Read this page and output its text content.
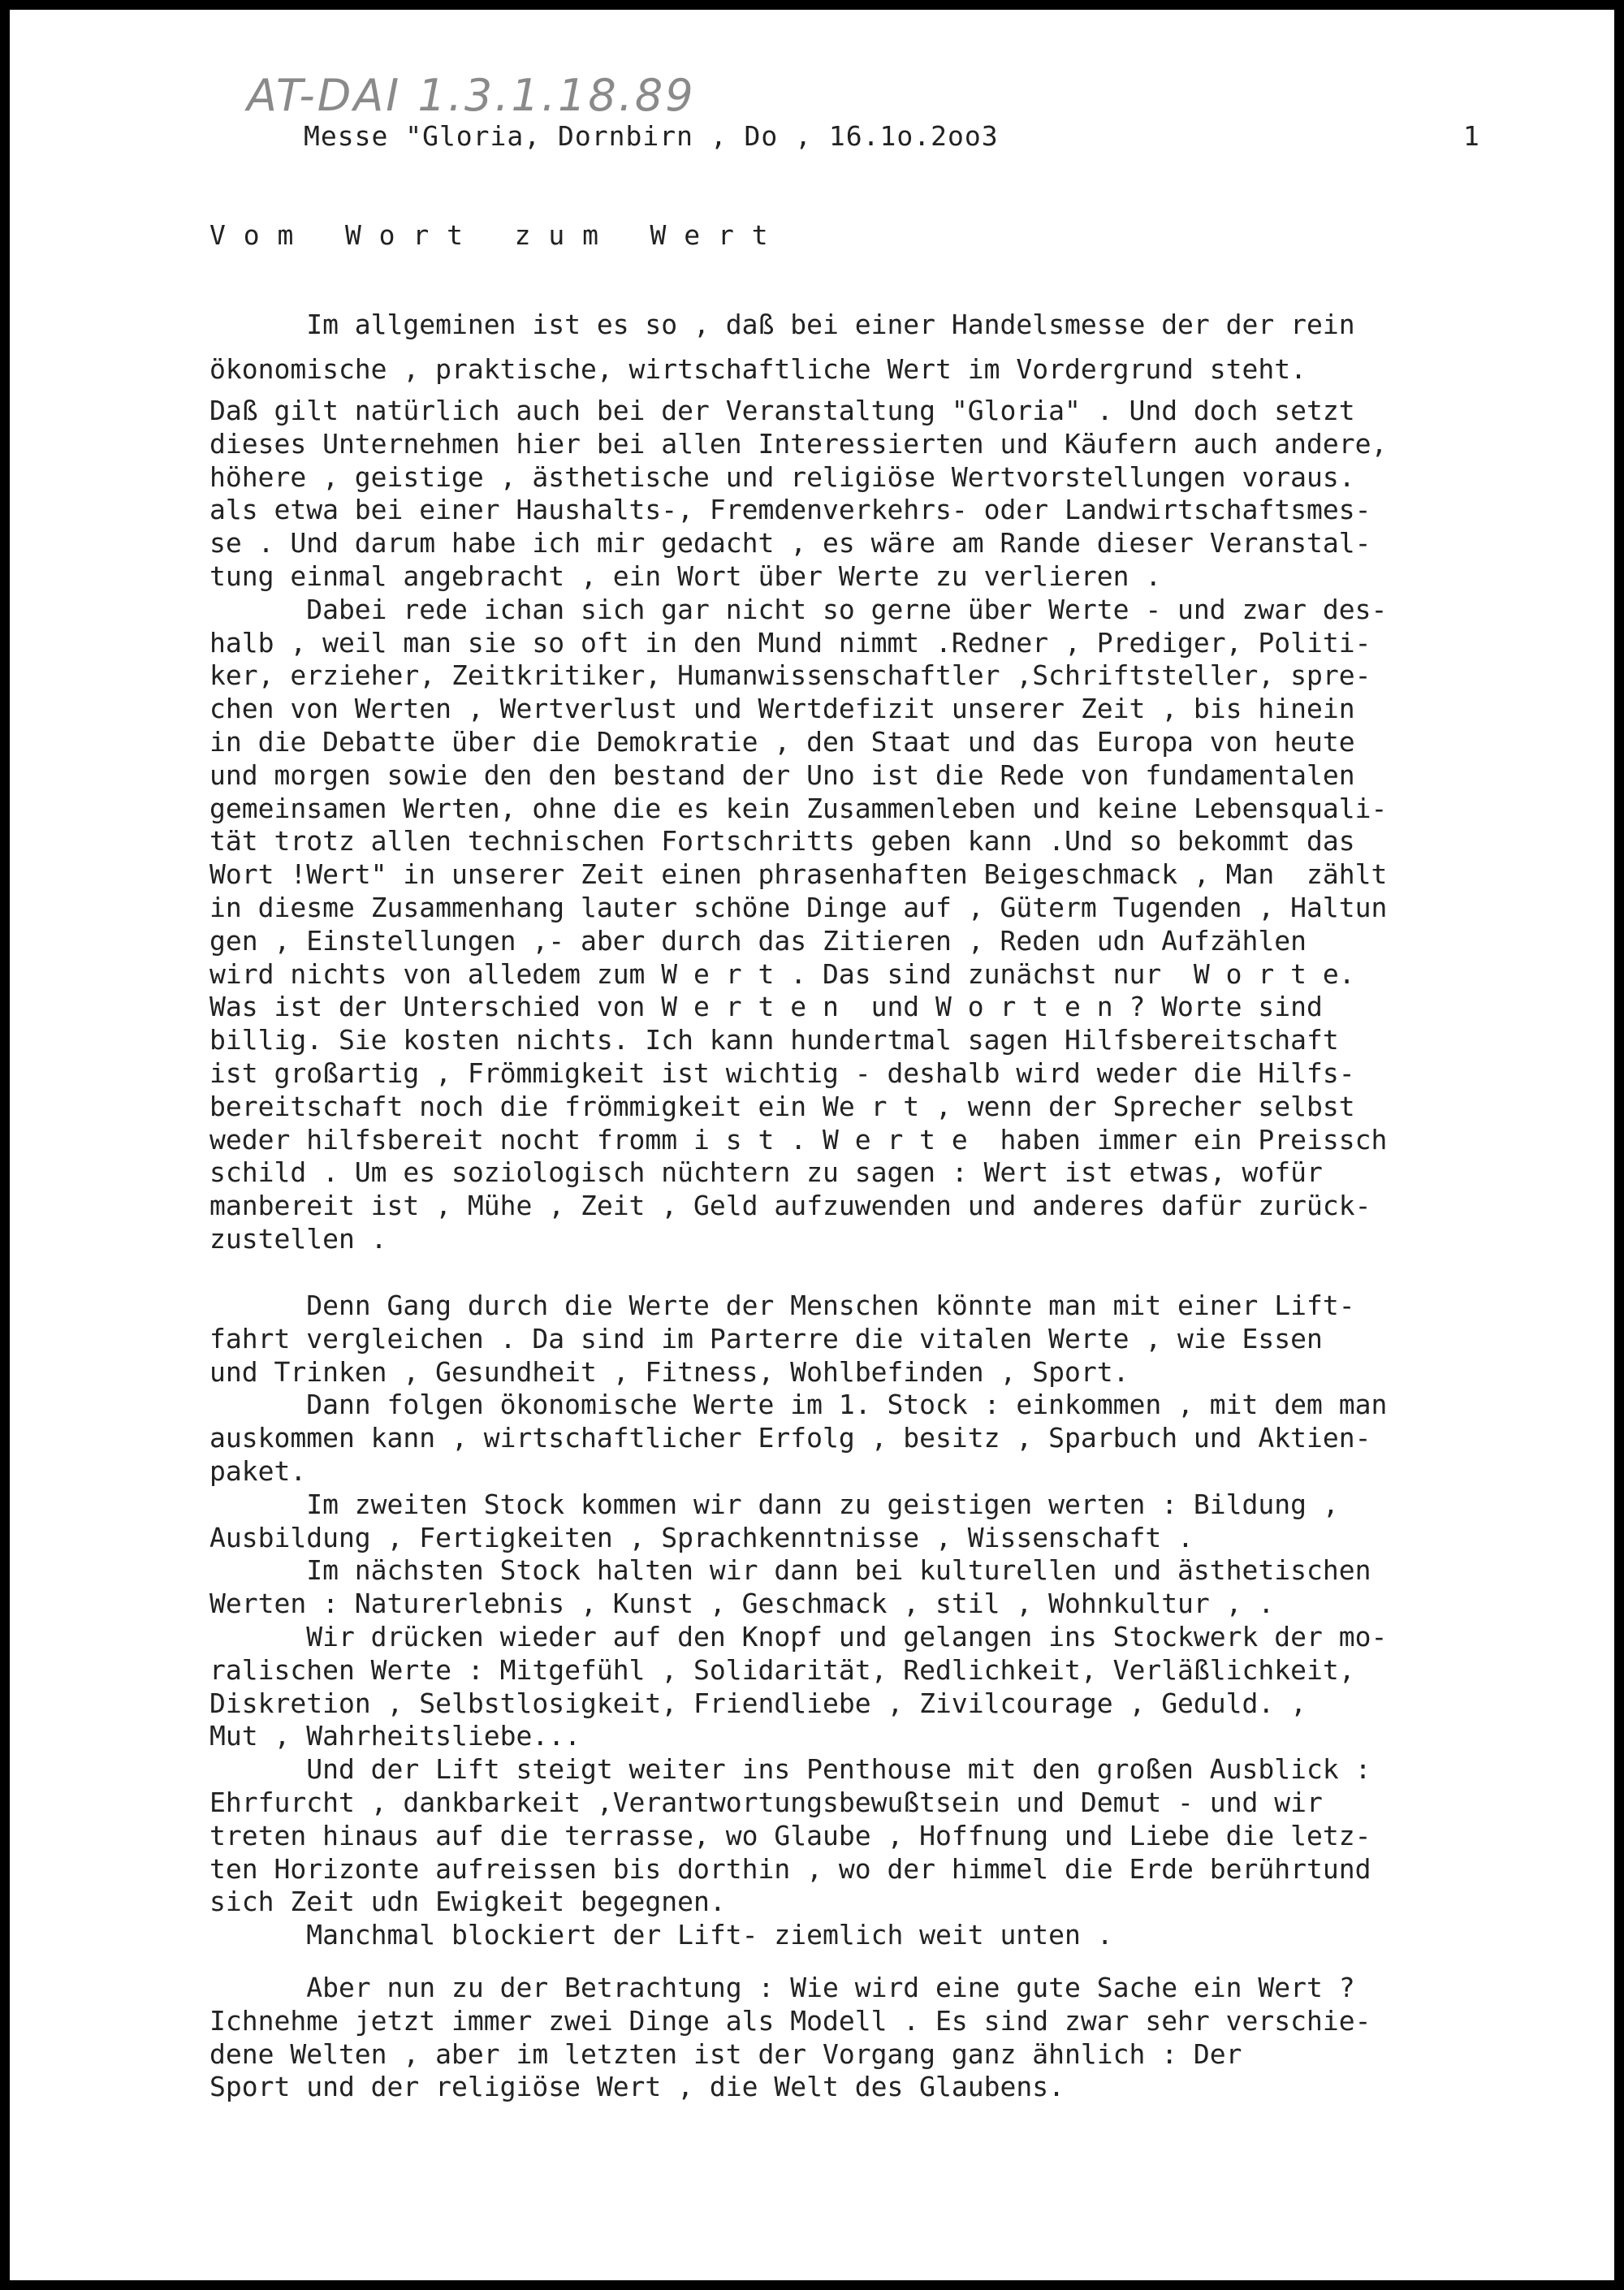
AT-DAI 1.3.1.18.89
Messe "Gloria, Dornbirn , Do , 16.1o.2oo3	1
V o m   W o r t   z u m   W e r t
Im allgeminen ist es so , daß bei einer Handelsmesse der der rein
ökonomische , praktische, wirtschaftliche Wert im Vordergrund steht.
Daß gilt natürlich auch bei der Veranstaltung "Gloria" . Und doch setzt
dieses Unternehmen hier bei allen Interessierten und Käufern auch andere,
höhere , geistige , ästhetische und religiöse Wertvorstellungen voraus.
als etwa bei einer Haushalts-, Fremdenverkehrs- oder Landwirtschaftsmes-
se . Und darum habe ich mir gedacht , es wäre am Rande dieser Veranstal-
tung einmal angebracht , ein Wort über Werte zu verlieren .
Dabei rede ichan sich gar nicht so gerne über Werte - und zwar des-
halb , weil man sie so oft in den Mund nimmt .Redner , Prediger, Politi-
ker, erzieher, Zeitkritiker, Humanwissenschaftler ,Schriftsteller, spre-
chen von Werten , Wertverlust und Wertdefizit unserer Zeit , bis hinein
in die Debatte über die Demokratie , den Staat und das Europa von heute
und morgen sowie den den bestand der Uno ist die Rede von fundamentalen
gemeinsamen Werten, ohne die es kein Zusammenleben und keine Lebensquali-
tät trotz allen technischen Fortschritts geben kann .Und so bekommt das
Wort !Wert" in unserer Zeit einen phrasenhaften Beigeschmack , Man  zählt
in diesme Zusammenhang lauter schöne Dinge auf , Güterm Tugenden , Haltun
gen , Einstellungen ,- aber durch das Zitieren , Reden udn Aufzählen
wird nichts von alledem zum W e r t . Das sind zunächst nur  W o r t e.
Was ist der Unterschied von W e r t e n  und W o r t e n ? Worte sind
billig. Sie kosten nichts. Ich kann hundertmal sagen Hilfsbereitschaft
ist großartig , Frömmigkeit ist wichtig - deshalb wird weder die Hilfs-
bereitschaft noch die frömmigkeit ein We r t , wenn der Sprecher selbst
weder hilfsbereit nocht fromm i s t . W e r t e  haben immer ein Preissch
schild . Um es soziologisch nüchtern zu sagen : Wert ist etwas, wofür
manbereit ist , Mühe , Zeit , Geld aufzuwenden und anderes dafür zurück-
zustellen .
Denn Gang durch die Werte der Menschen könnte man mit einer Lift-
fahrt vergleichen . Da sind im Parterre die vitalen Werte , wie Essen
und Trinken , Gesundheit , Fitness, Wohlbefinden , Sport.
Dann folgen ökonomische Werte im 1. Stock : einkommen , mit dem man
auskommen kann , wirtschaftlicher Erfolg , besitz , Sparbuch und Aktien-
paket.
Im zweiten Stock kommen wir dann zu geistigen werten : Bildung ,
Ausbildung , Fertigkeiten , Sprachkenntnisse , Wissenschaft .
Im nächsten Stock halten wir dann bei kulturellen und ästhetischen
Werten : Naturerlebnis , Kunst , Geschmack , stil , Wohnkultur , .
Wir drücken wieder auf den Knopf und gelangen ins Stockwerk der mo-
ralischen Werte : Mitgefühl , Solidarität, Redlichkeit, Verläßlichkeit,
Diskretion , Selbstlosigkeit, Friendliebe , Zivilcourage , Geduld. ,
Mut , Wahrheitsliebe...
Und der Lift steigt weiter ins Penthouse mit den großen Ausblick :
Ehrfurcht , dankbarkeit ,Verantwortungsbewußtsein und Demut - und wir
treten hinaus auf die terrasse, wo Glaube , Hoffnung und Liebe die letz-
ten Horizonte aufreissen bis dorthin , wo der himmel die Erde berührtund
sich Zeit udn Ewigkeit begegnen.
Manchmal blockiert der Lift- ziemlich weit unten .
Aber nun zu der Betrachtung : Wie wird eine gute Sache ein Wert ?
Ichnehme jetzt immer zwei Dinge als Modell . Es sind zwar sehr verschie-
dene Welten , aber im letzten ist der Vorgang ganz ähnlich : Der
Sport und der religiöse Wert , die Welt des Glaubens.
